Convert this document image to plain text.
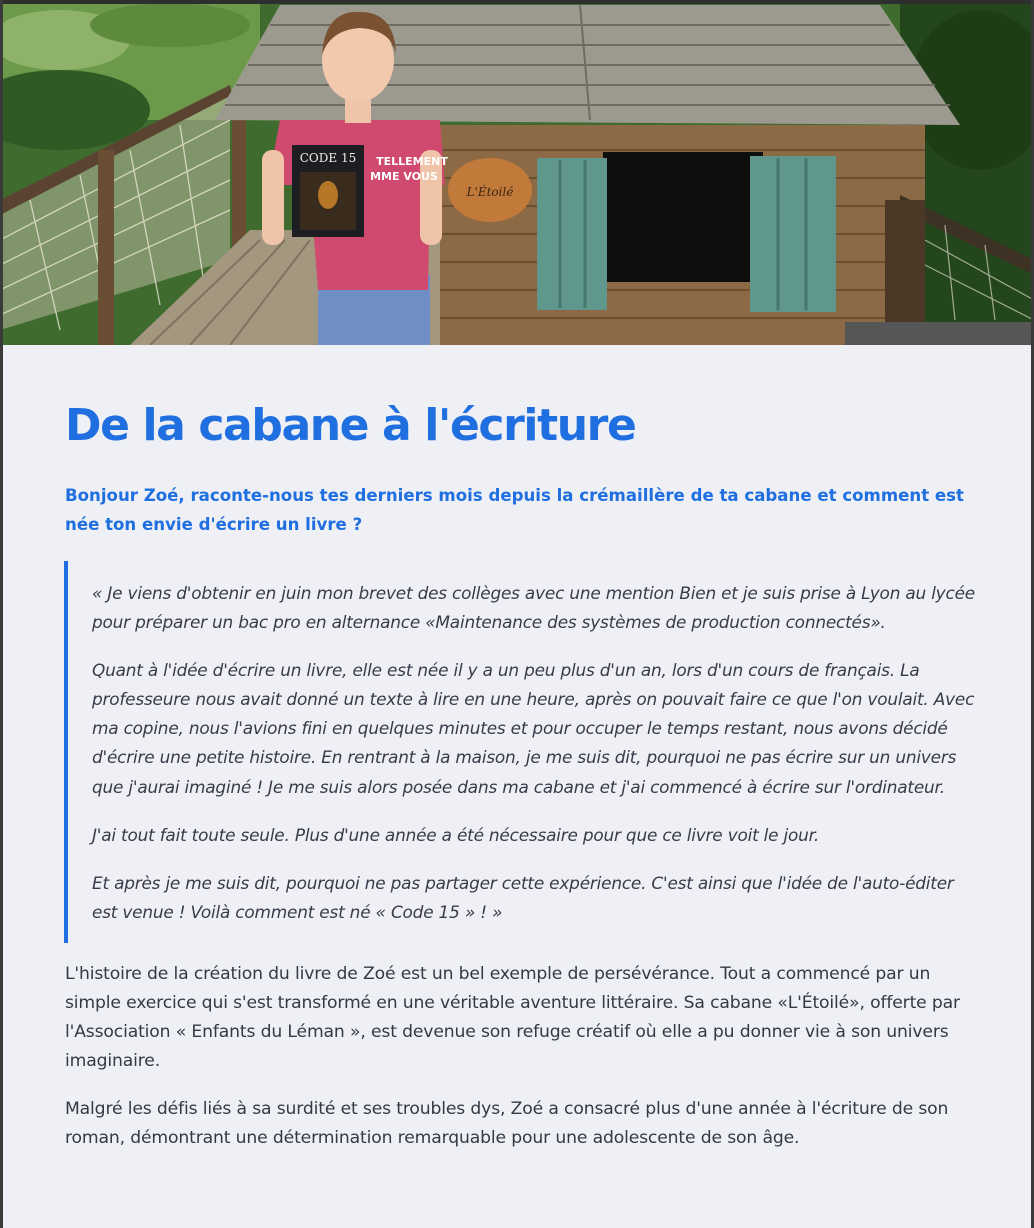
L'Étoilé
TELLEMENT
MME VOUS
CODE 15
De la cabane à l'écriture

Bonjour Zoé, raconte-nous tes derniers mois depuis la crémaillère de ta cabane et comment est née ton envie d'écrire un livre ?

« Je viens d'obtenir en juin mon brevet des collèges avec une mention Bien et je suis prise à Lyon au lycée pour préparer un bac pro en alternance «Maintenance des systèmes de production connectés».

Quant à l'idée d'écrire un livre, elle est née il y a un peu plus d'un an, lors d'un cours de français. La professeure nous avait donné un texte à lire en une heure, après on pouvait faire ce que l'on voulait. Avec ma copine, nous l'avions fini en quelques minutes et pour occuper le temps restant, nous avons décidé d'écrire une petite histoire. En rentrant à la maison, je me suis dit, pourquoi ne pas écrire sur un univers que j'aurai imaginé ! Je me suis alors posée dans ma cabane et j'ai commencé à écrire sur l'ordinateur.

J'ai tout fait toute seule. Plus d'une année a été nécessaire pour que ce livre voit le jour.

Et après je me suis dit, pourquoi ne pas partager cette expérience. C'est ainsi que l'idée de l'auto-éditer est venue ! Voilà comment est né « Code 15 » ! »

L'histoire de la création du livre de Zoé est un bel exemple de persévérance. Tout a commencé par un simple exercice qui s'est transformé en une véritable aventure littéraire. Sa cabane «L'Étoilé», offerte par l'Association « Enfants du Léman », est devenue son refuge créatif où elle a pu donner vie à son univers imaginaire.

Malgré les défis liés à sa surdité et ses troubles dys, Zoé a consacré plus d'une année à l'écriture de son roman, démontrant une détermination remarquable pour une adolescente de son âge.
